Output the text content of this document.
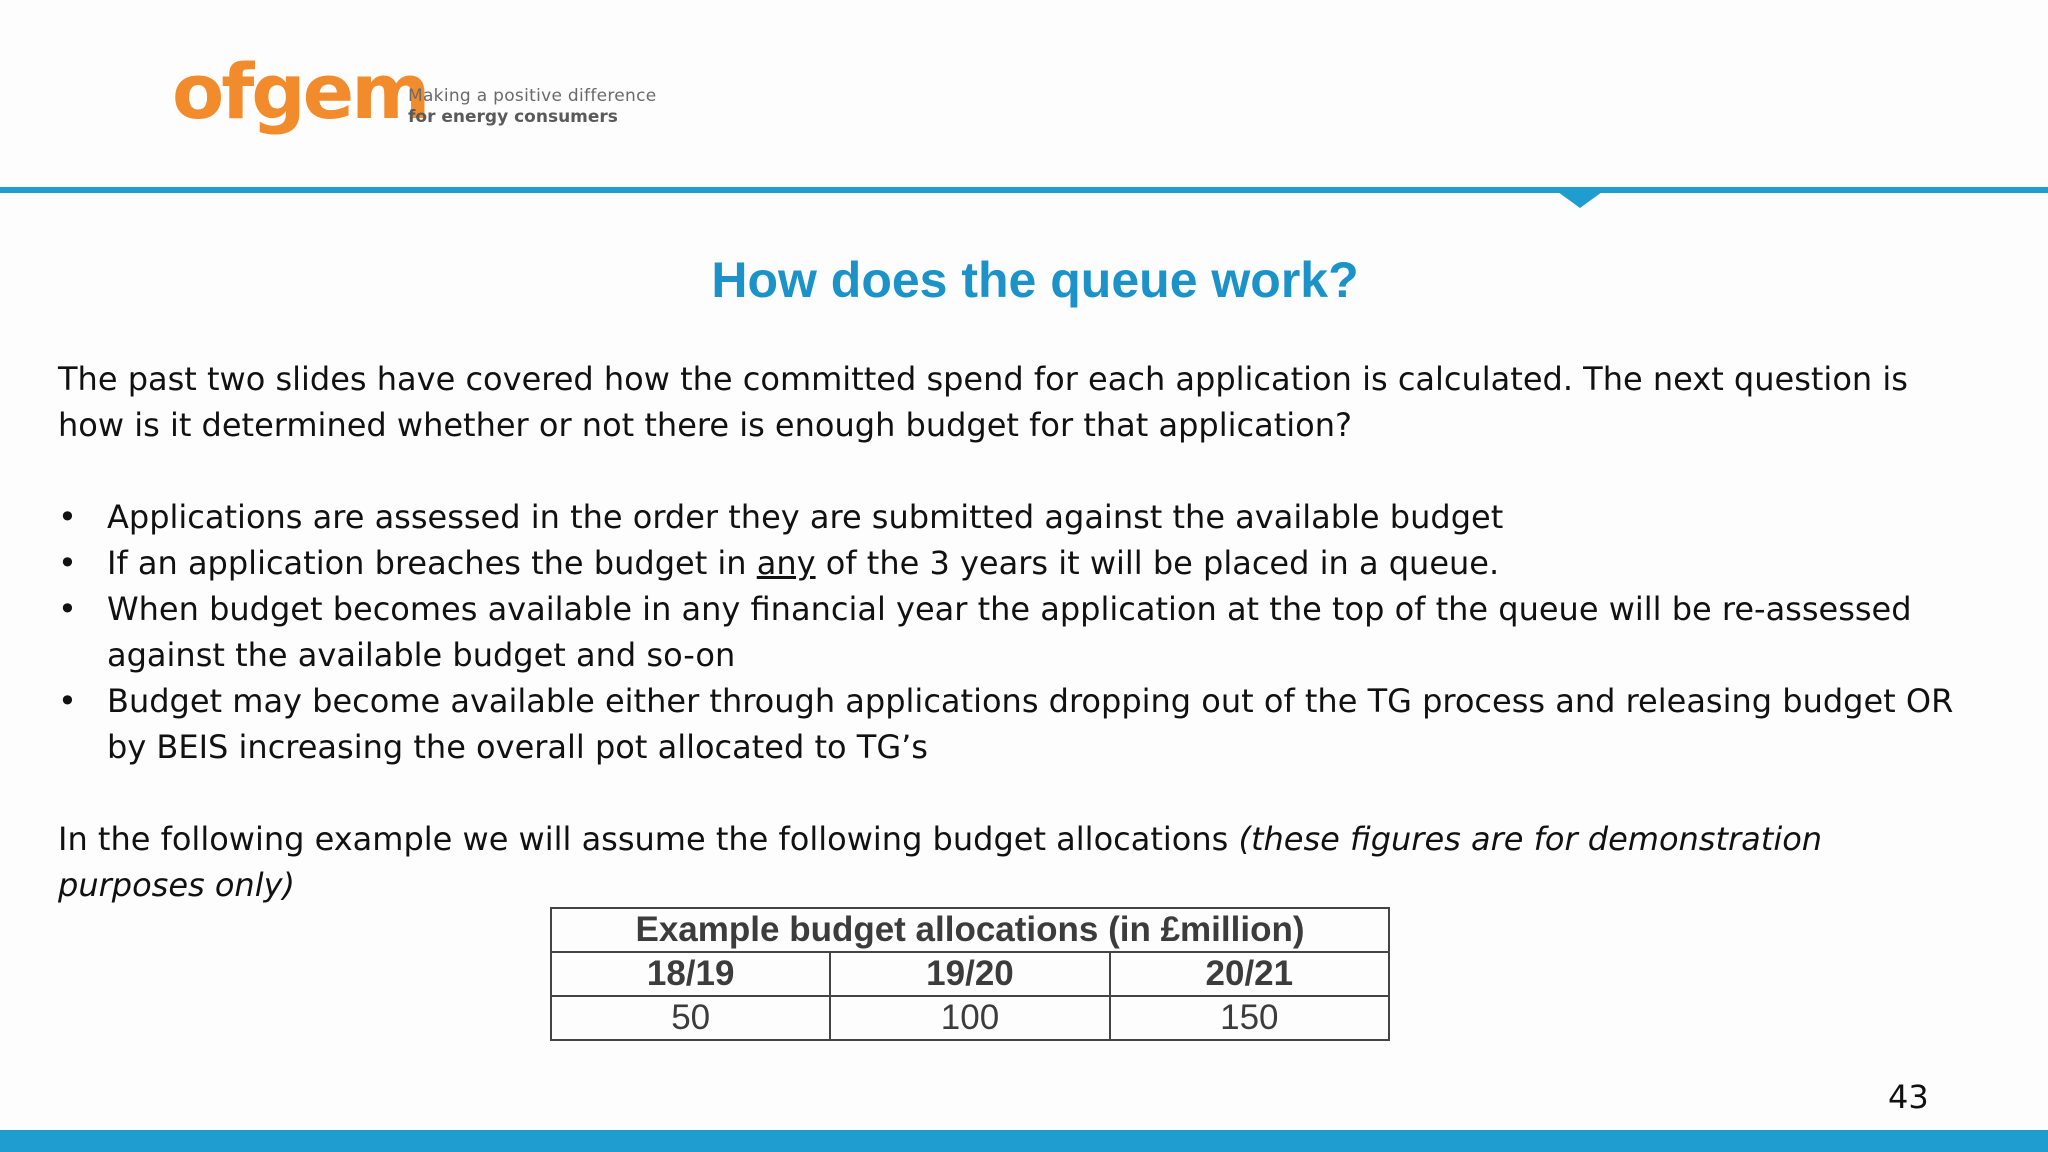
ofgem
Making a positive difference
for energy consumers
How does the queue work?

The past two slides have covered how the committed spend for each application is calculated. The next question is how is it determined whether or not there is enough budget for that application?

• Applications are assessed in the order they are submitted against the available budget
• If an application breaches the budget in any of the 3 years it will be placed in a queue.
• When budget becomes available in any financial year the application at the top of the queue will be re-assessed against the available budget and so-on
• Budget may become available either through applications dropping out of the TG process and releasing budget OR by BEIS increasing the overall pot allocated to TG’s

In the following example we will assume the following budget allocations (these figures are for demonstration purposes only)

Example budget allocations (in £million)		
18/19	19/20	20/21
50	100	150
43
